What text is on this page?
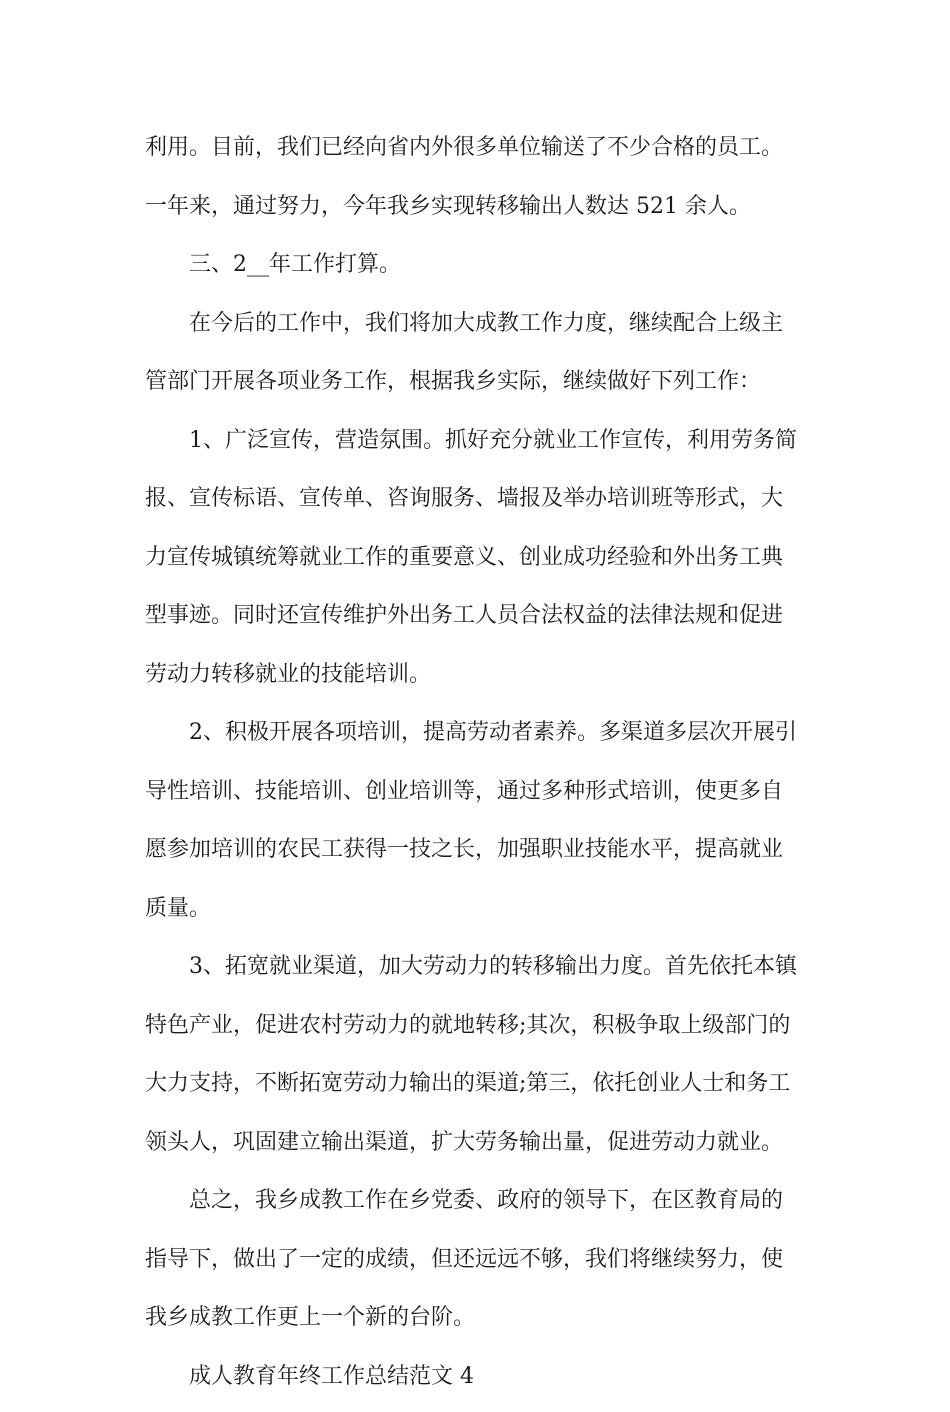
利用。目前，我们已经向省内外很多单位输送了不少合格的员工。
一年来，通过努力，今年我乡实现转移输出人数达 521 余人。
三、2__年工作打算。
在今后的工作中，我们将加大成教工作力度，继续配合上级主
管部门开展各项业务工作，根据我乡实际，继续做好下列工作：
1、广泛宣传，营造氛围。抓好充分就业工作宣传，利用劳务简
报、宣传标语、宣传单、咨询服务、墙报及举办培训班等形式，大
力宣传城镇统筹就业工作的重要意义、创业成功经验和外出务工典
型事迹。同时还宣传维护外出务工人员合法权益的法律法规和促进
劳动力转移就业的技能培训。
2、积极开展各项培训，提高劳动者素养。多渠道多层次开展引
导性培训、技能培训、创业培训等，通过多种形式培训，使更多自
愿参加培训的农民工获得一技之长，加强职业技能水平，提高就业
质量。
3、拓宽就业渠道，加大劳动力的转移输出力度。首先依托本镇
特色产业，促进农村劳动力的就地转移;其次，积极争取上级部门的
大力支持，不断拓宽劳动力输出的渠道;第三，依托创业人士和务工
领头人，巩固建立输出渠道，扩大劳务输出量，促进劳动力就业。
总之，我乡成教工作在乡党委、政府的领导下，在区教育局的
指导下，做出了一定的成绩，但还远远不够，我们将继续努力，使
我乡成教工作更上一个新的台阶。
成人教育年终工作总结范文 4
